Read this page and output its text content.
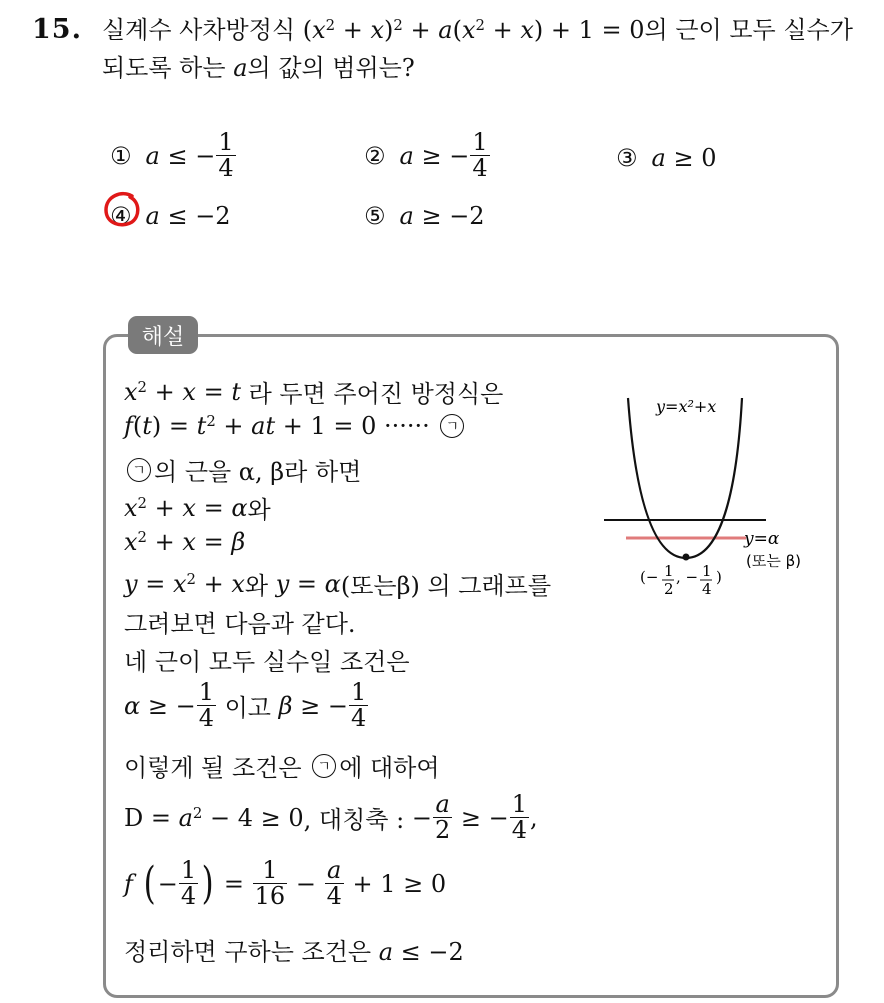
15. 실계수 사차방정식 $(x^2 + x)^2 + a(x^2 + x) + 1 = 0$의 근이 모두 실수가
되도록 하는 a의 값의 범위는?
① a ≤ − $\frac{1}{4}$	② a ≥ − $\frac{1}{4}$	③ a ≥ 0
④ a ≤ −2	⑤ a ≥ −2
해설
$x^2 + x = t$ 라 두면 주어진 방정식은
$f(t) = t^2$ + at + 1 = 0 ······
	ㄱ
ㄱ 의 근을 α, β라 하면
$x^2 + x = \alpha$ 와
$x^2 + x = \beta$
$y = x^2 + x$ 와
y = α (또는β) 의 그래프를
그려보면 다음과 같다.
네 근이 모두 실수일 조건은
α ≥ − $\frac{1}{4}$
이고
β ≥ − $\frac{1}{4}$
이렇게 될 조건은
	ㄱ 에 대하여
$D = a^2 - 4 \ge 0$ , 대칭축 :
− $\frac{a}{2}$ ≥ − $\frac{1}{4}$ ,
f ( − $\frac{1}{4}$ ) = $\frac{1}{16} - \frac{a}{4} + 1 \ge 0$
정리하면 구하는 조건은 a ≤ −2
y=x²+x
y=α
(또는 β)
(− 1
2
, − 1
4
)
